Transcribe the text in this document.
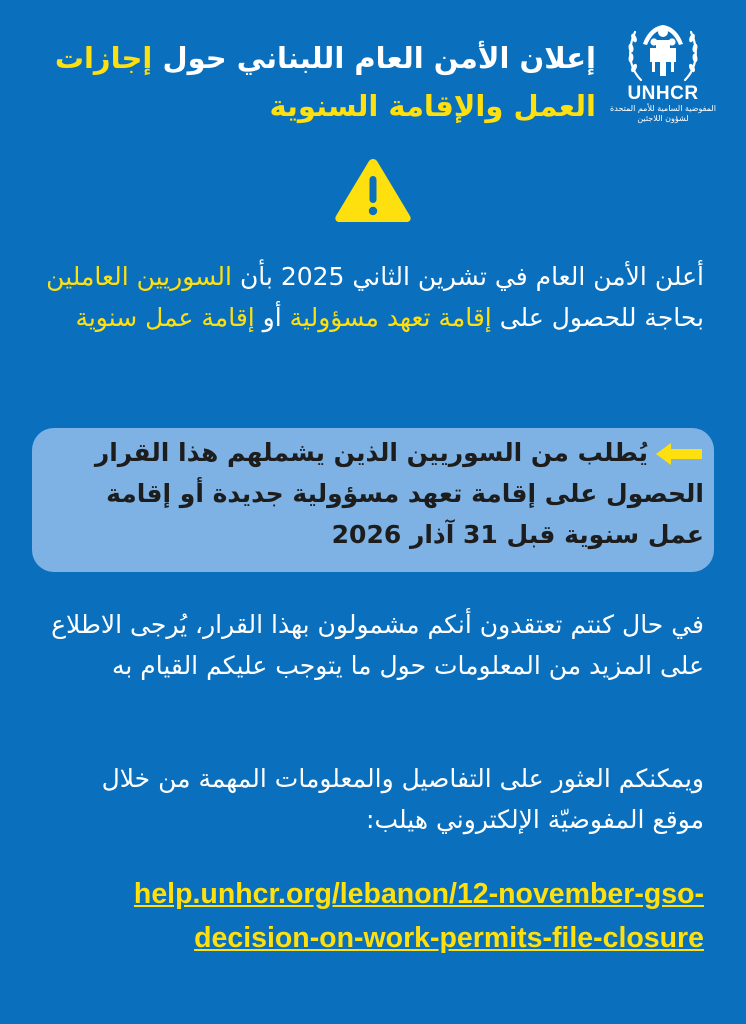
UNHCR
المفوضية السامية للأمم المتحدة
لشؤون اللاجئين
إعلان الأمن العام اللبناني حول إجازات العمل والإقامة السنوية

أعلن الأمن العام في تشرين الثاني 2025 بأن السوريين العاملين بحاجة للحصول على إقامة تعهد مسؤولية أو إقامة عمل سنوية

يُطلب من السوريين الذين يشملهم هذا القرار الحصول على إقامة تعهد مسؤولية جديدة أو إقامة عمل سنوية قبل 31 آذار 2026

في حال كنتم تعتقدون أنكم مشمولون بهذا القرار، يُرجى الاطلاع على المزيد من المعلومات حول ما يتوجب عليكم القيام به

ويمكنكم العثور على التفاصيل والمعلومات المهمة من خلال موقع المفوضيّة الإلكتروني هيلب:

help.unhcr.org/lebanon/12-november-gso-decision-on-work-permits-file-closure
